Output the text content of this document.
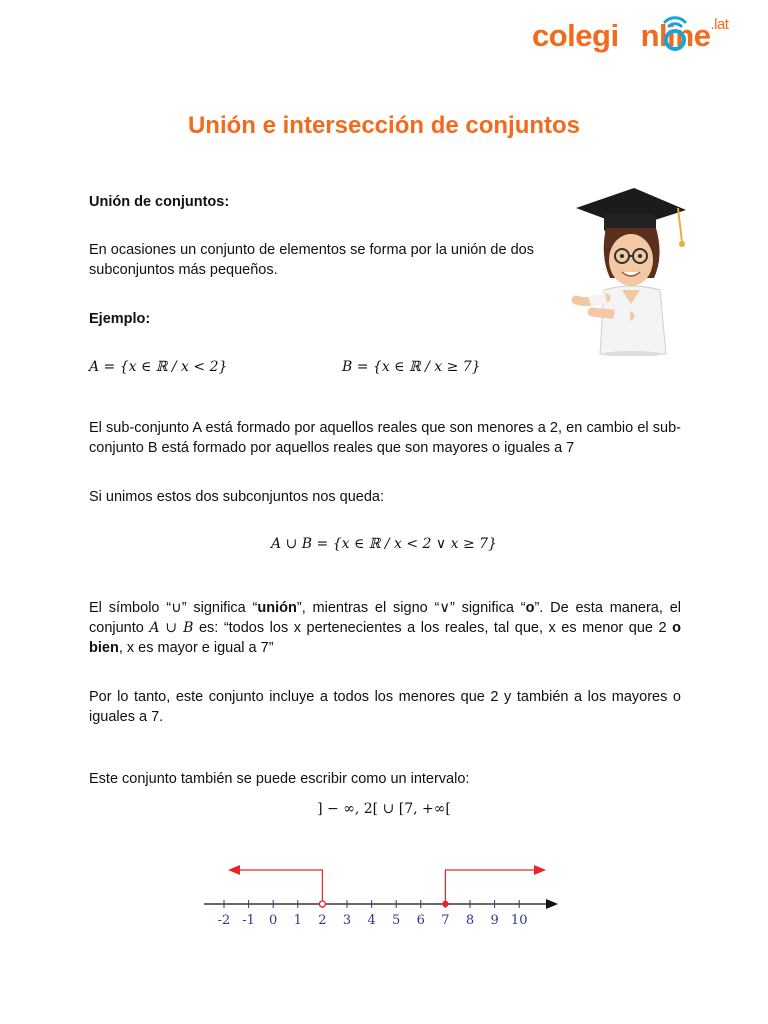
colegi nline$^{.lat}$
Unión e intersección de conjuntos

Unión de conjuntos:

En ocasiones un conjunto de elementos se forma por la unión de dos subconjuntos más pequeños.

Ejemplo:

A = {x ∈ ℝ / x < 2}	B = {x ∈ ℝ / x ≥ 7}

El sub-conjunto A está formado por aquellos reales que son menores a 2, en cambio el sub-conjunto B está formado por aquellos reales que son mayores o iguales a 7

Si unimos estos dos subconjuntos nos queda:

A ∪ B = {x ∈ ℝ / x < 2 ∨ x ≥ 7}

El símbolo “∪” significa “unión”, mientras el signo “∨” significa “o”. De esta manera, el conjunto A ∪ B es: “todos los x pertenecientes a los reales, tal que, x es menor que 2 o bien, x es mayor e igual a 7”

Por lo tanto, este conjunto incluye a todos los menores que 2 y también a los mayores o iguales a 7.

Este conjunto también se puede escribir como un intervalo:

] − ∞, 2[ ∪ [7, +∞[
-2 -1 0 1 2 3 4 5 6 7 8 9 10
